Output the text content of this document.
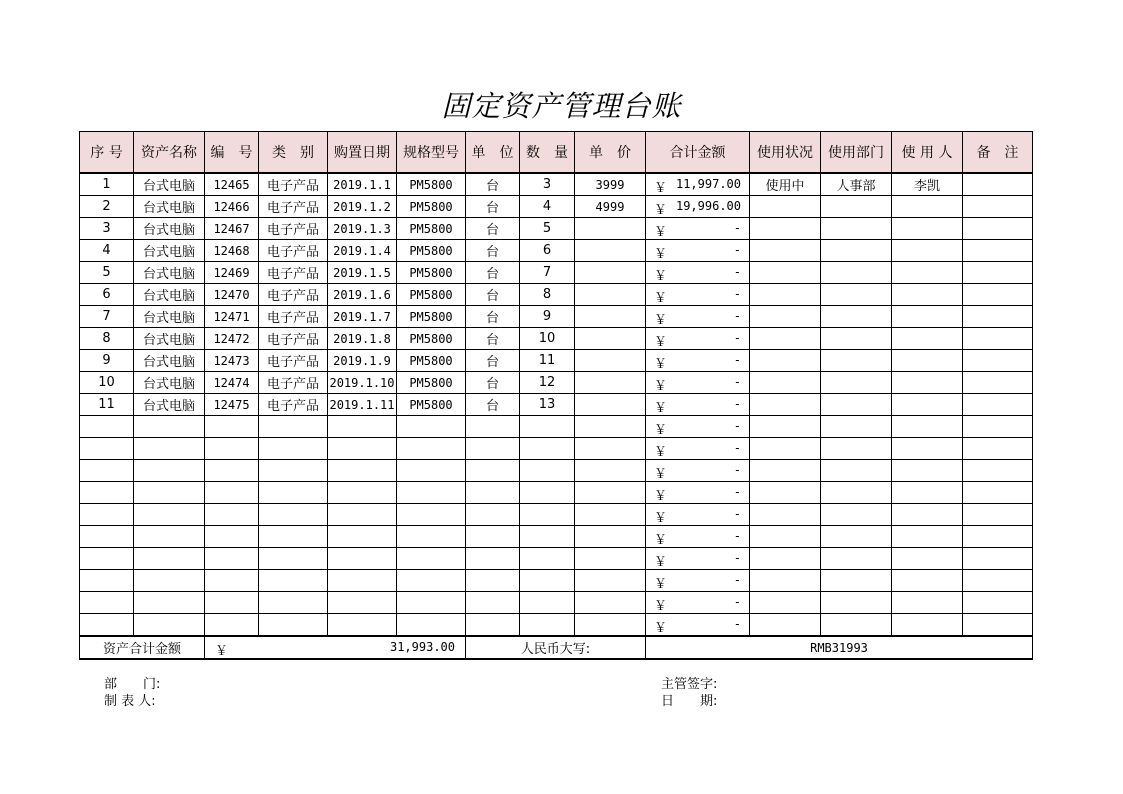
固定资产管理台账
序 号	资产名称	编　号	类　别	购置日期	规格型号	单　位	数　量	单　价	合计金额	使用状况	使用部门	使 用 人	备　注
1	台式电脑	12465	电子产品	2019.1.1	PM5800	台	3	3999	￥ 11,997.00	使用中	人事部	李凯	
2	台式电脑	12466	电子产品	2019.1.2	PM5800	台	4	4999	￥ 19,996.00				

3	台式电脑	12467	电子产品	2019.1.3	PM5800	台	5		￥ -				

4	台式电脑	12468	电子产品	2019.1.4	PM5800	台	6		￥ -				

5	台式电脑	12469	电子产品	2019.1.5	PM5800	台	7		￥ -				

6	台式电脑	12470	电子产品	2019.1.6	PM5800	台	8		￥ -				

7	台式电脑	12471	电子产品	2019.1.7	PM5800	台	9		￥ -				

8	台式电脑	12472	电子产品	2019.1.8	PM5800	台	10		￥ -				

9	台式电脑	12473	电子产品	2019.1.9	PM5800	台	11		￥ -				

10	台式电脑	12474	电子产品	2019.1.10	PM5800	台	12		￥ -				

11	台式电脑	12475	电子产品	2019.1.11	PM5800	台	13		￥ -				

									￥ -				

									￥ -				

									￥ -				

									￥ -				

									￥ -				

									￥ -				

									￥ -				

									￥ -				

									￥ -				

									￥ -				

资产合计金额		￥ 31,993.00				人民币大写:			RMB31993				
部　　门:
制 表 人:
主管签字:
日　　期:
